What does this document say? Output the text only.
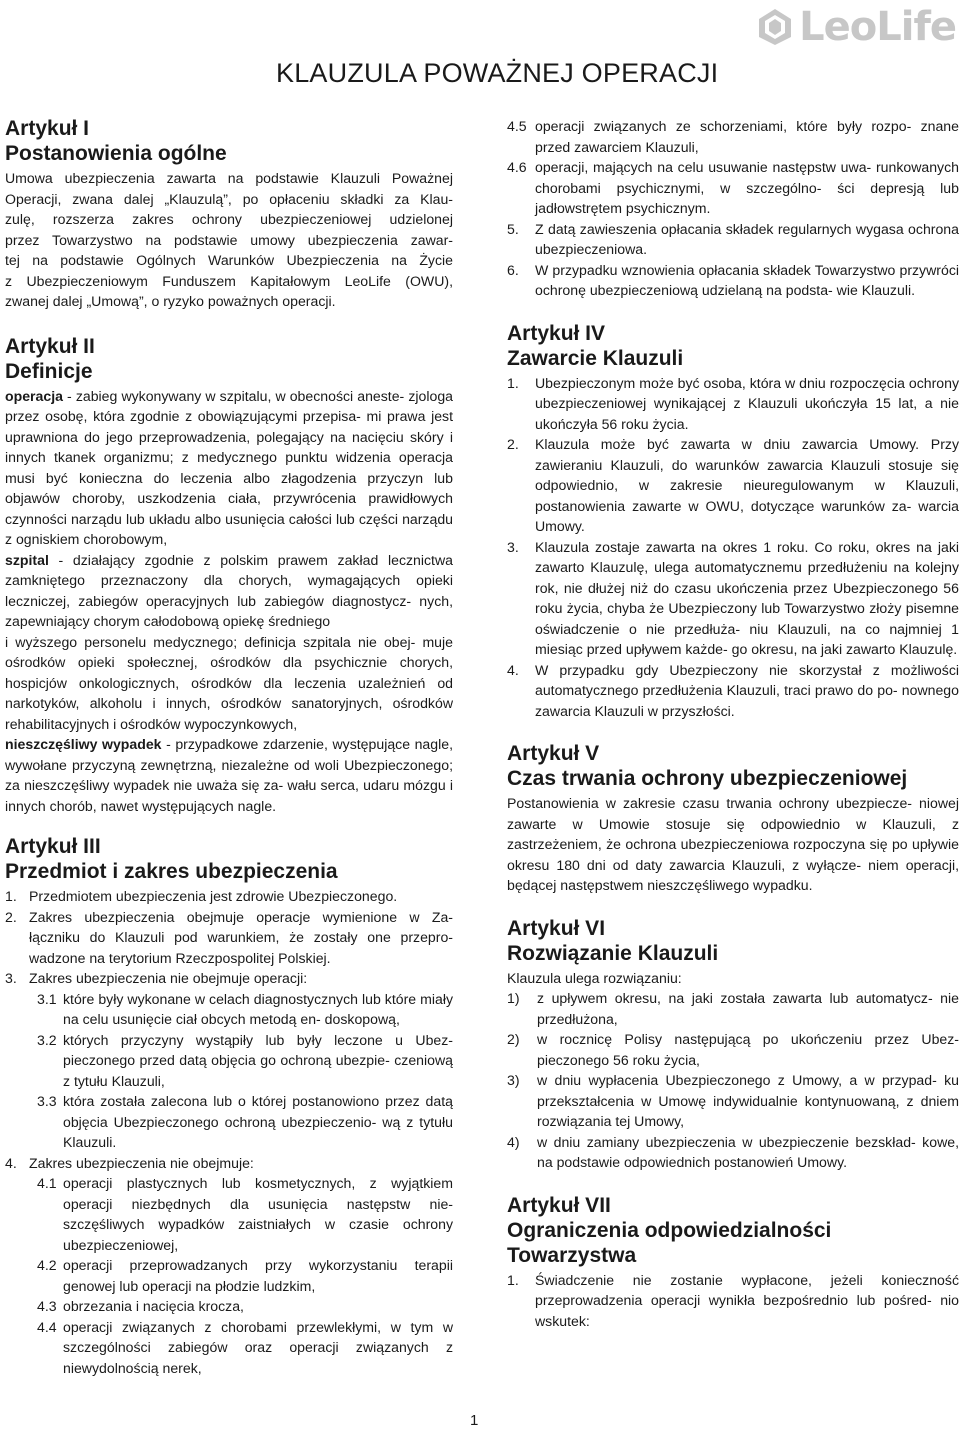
LeoLife
KLAUZULA POWAŻNEJ OPERACJI
Artykuł I
Postanowienia ogólne
Umowa ubezpieczenia zawarta na podstawie Klauzuli Poważnej
Operacji, zwana dalej „Klauzulą”, po opłaceniu składki za Klau-
zulę, rozszerza zakres ochrony ubezpieczeniowej udzielonej
przez Towarzystwo na podstawie umowy ubezpieczenia zawar-
tej na podstawie Ogólnych Warunków Ubezpieczenia na Życie
z Ubezpieczeniowym Funduszem Kapitałowym LeoLife (OWU),
zwanej dalej „Umową”, o ryzyko poważnych operacji.
Artykuł II
Definicje

operacja - zabieg wykonywany w szpitalu, w obecności aneste- zjologa przez osobę, która zgodnie z obowiązującymi przepisa- mi prawa jest uprawniona do jego przeprowadzenia, polegający na nacięciu skóry i innych tkanek organizmu; z medycznego punktu widzenia operacja musi być konieczna do leczenia albo złagodzenia przyczyn lub objawów choroby, uszkodzenia ciała, przywrócenia prawidłowych czynności narządu lub układu albo usunięcia całości lub części narządu z ogniskiem chorobowym,

szpital - działający zgodnie z polskim prawem zakład lecznictwa zamkniętego przeznaczony dla chorych, wymagających opieki leczniczej, zabiegów operacyjnych lub zabiegów diagnostycz- nych, zapewniający chorym całodobową opiekę średniego

i wyższego personelu medycznego; definicja szpitala nie obej- muje ośrodków opieki społecznej, ośrodków dla psychicznie chorych, hospicjów onkologicznych, ośrodków dla leczenia uzależnień od narkotyków, alkoholu i innych, ośrodków sanatoryjnych, ośrodków rehabilitacyjnych i ośrodków wypoczynkowych,

nieszczęśliwy wypadek - przypadkowe zdarzenie, występujące nagle, wywołane przyczyną zewnętrzną, niezależne od woli Ubezpieczonego; za nieszczęśliwy wypadek nie uważa się za- wału serca, udaru mózgu i innych chorób, nawet występujących nagle.

Artykuł III
Przedmiot i zakres ubezpieczenia
1. Przedmiotem ubezpieczenia jest zdrowie Ubezpieczonego.
2. Zakres ubezpieczenia obejmuje operacje wymienione w Za- łączniku do Klauzuli pod warunkiem, że zostały one przepro- wadzone na terytorium Rzeczpospolitej Polskiej.
3. Zakres ubezpieczenia nie obejmuje operacji:
3.1 które były wykonane w celach diagnostycznych lub które miały na celu usunięcie ciał obcych metodą en- doskopową,
3.2 których przyczyny wystąpiły lub były leczone u Ubez- pieczonego przed datą objęcia go ochroną ubezpie- czeniową z tytułu Klauzuli,
3.3 która została zalecona lub o której postanowiono przez datą objęcia Ubezpieczonego ochroną ubezpieczenio- wą z tytułu Klauzuli.
4. Zakres ubezpieczenia nie obejmuje:
4.1 operacji plastycznych lub kosmetycznych, z wyjątkiem operacji niezbędnych dla usunięcia następstw nie- szczęśliwych wypadków zaistniałych w czasie ochrony ubezpieczeniowej,
4.2 operacji przeprowadzanych przy wykorzystaniu terapii genowej lub operacji na płodzie ludzkim,
4.3 obrzezania i nacięcia krocza,
4.4 operacji związanych z chorobami przewlekłymi, w tym w szczególności zabiegów oraz operacji związanych z niewydolnością nerek,
4.5 operacji związanych ze schorzeniami, które były rozpo- znane przed zawarciem Klauzuli,
4.6 operacji, mających na celu usuwanie następstw uwa- runkowanych chorobami psychicznymi, w szczególno- ści depresją lub jadłowstrętem psychicznym.
5.	Z datą zawieszenia opłacania składek regularnych wygasa ochrona ubezpieczeniowa.
6.	W przypadku wznowienia opłacania składek Towarzystwo przywróci ochronę ubezpieczeniową udzielaną na podsta- wie Klauzuli.
Artykuł IV
Zawarcie Klauzuli
1.	Ubezpieczonym może być osoba, która w dniu rozpoczęcia ochrony ubezpieczeniowej wynikającej z Klauzuli ukończyła 15 lat, a nie ukończyła 56 roku życia.
2.	Klauzula może być zawarta w dniu zawarcia Umowy. Przy zawieraniu Klauzuli, do warunków zawarcia Klauzuli stosuje się odpowiednio, w zakresie nieuregulowanym w Klauzuli, postanowienia zawarte w OWU, dotyczące warunków za- warcia Umowy.
3.	Klauzula zostaje zawarta na okres 1 roku. Co roku, okres na jaki zawarto Klauzulę, ulega automatycznemu przedłużeniu na kolejny rok, nie dłużej niż do czasu ukończenia przez Ubezpieczonego 56 roku życia, chyba że Ubezpieczony lub Towarzystwo złoży pisemne oświadczenie o nie przedłuża- niu Klauzuli, na co najmniej 1 miesiąc przed upływem każde- go okresu, na jaki zawarto Klauzulę.
4.	W przypadku gdy Ubezpieczony nie skorzystał z możliwości automatycznego przedłużenia Klauzuli, traci prawo do po- nownego zawarcia Klauzuli w przyszłości.
Artykuł V
Czas trwania ochrony ubezpieczeniowej

Postanowienia w zakresie czasu trwania ochrony ubezpiecze- niowej zawarte w Umowie stosuje się odpowiednio w Klauzuli, z zastrzeżeniem, że ochrona ubezpieczeniowa rozpoczyna się po upływie okresu 180 dni od daty zawarcia Klauzuli, z wyłącze- niem operacji, będącej następstwem nieszczęśliwego wypadku.

Artykuł VI
Rozwiązanie Klauzuli

Klauzula ulega rozwiązaniu:

1)	z upływem okresu, na jaki została zawarta lub automatycz- nie przedłużona,
2)	w rocznicę Polisy następującą po ukończeniu przez Ubez- pieczonego 56 roku życia,
3)	w dniu wypłacenia Ubezpieczonego z Umowy, a w przypad- ku przekształcenia w Umowę indywidualnie kontynuowaną, z dniem rozwiązania tej Umowy,
4)	w dniu zamiany ubezpieczenia w ubezpieczenie bezskład- kowe, na podstawie odpowiednich postanowień Umowy.
Artykuł VII
Ograniczenia odpowiedzialności
Towarzystwa
1.	Świadczenie nie zostanie wypłacone, jeżeli konieczność przeprowadzenia operacji wynikła bezpośrednio lub pośred- nio wskutek:
1
